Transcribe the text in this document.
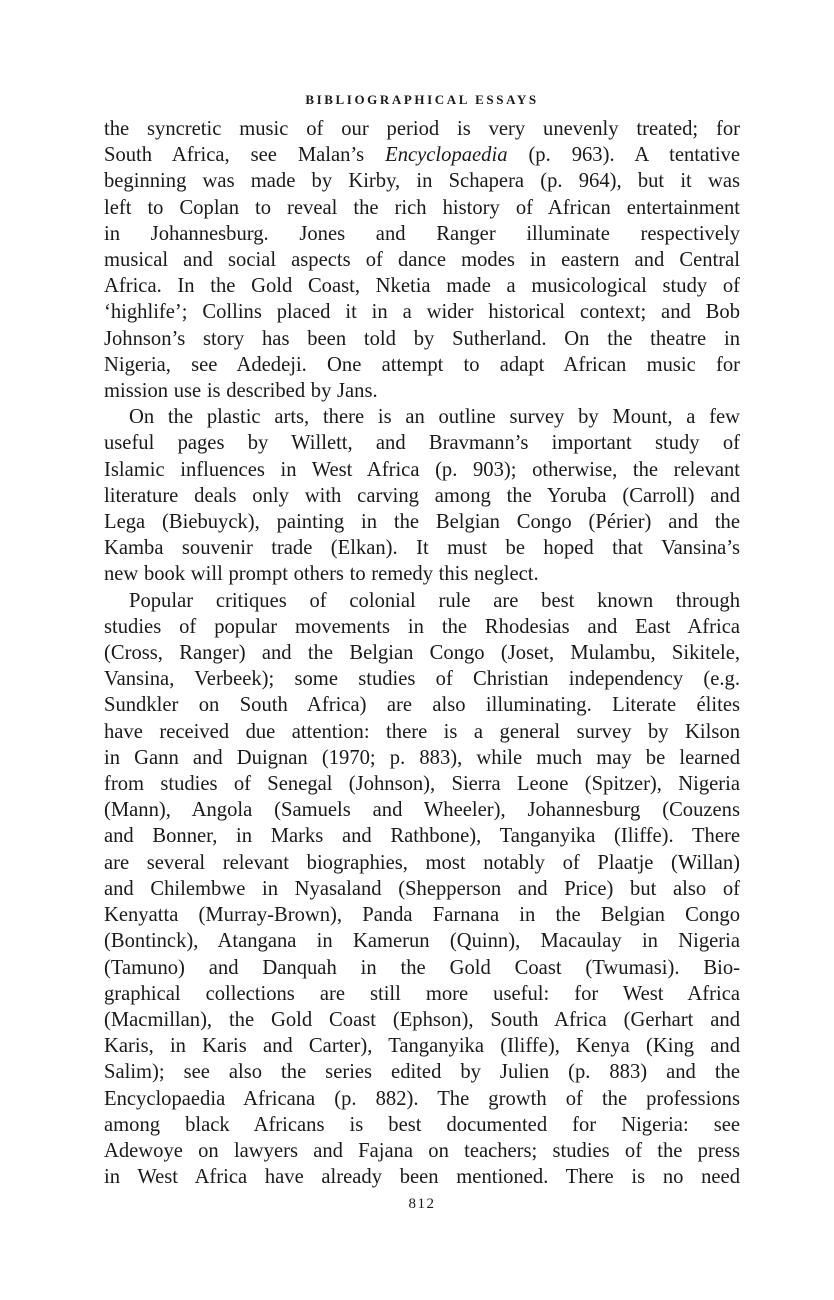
BIBLIOGRAPHICAL ESSAYS
the syncretic music of our period is very unevenly treated; for
South Africa, see Malan’s Encyclopaedia (p. 963). A tentative
beginning was made by Kirby, in Schapera (p. 964), but it was
left to Coplan to reveal the rich history of African entertainment
in Johannesburg. Jones and Ranger illuminate respectively
musical and social aspects of dance modes in eastern and Central
Africa. In the Gold Coast, Nketia made a musicological study of
‘highlife’; Collins placed it in a wider historical context; and Bob
Johnson’s story has been told by Sutherland. On the theatre in
Nigeria, see Adedeji. One attempt to adapt African music for
mission use is described by Jans.
On the plastic arts, there is an outline survey by Mount, a few
useful pages by Willett, and Bravmann’s important study of
Islamic influences in West Africa (p. 903); otherwise, the relevant
literature deals only with carving among the Yoruba (Carroll) and
Lega (Biebuyck), painting in the Belgian Congo (Périer) and the
Kamba souvenir trade (Elkan). It must be hoped that Vansina’s
new book will prompt others to remedy this neglect.
Popular critiques of colonial rule are best known through
studies of popular movements in the Rhodesias and East Africa
(Cross, Ranger) and the Belgian Congo (Joset, Mulambu, Sikitele,
Vansina, Verbeek); some studies of Christian independency (e.g.
Sundkler on South Africa) are also illuminating. Literate élites
have received due attention: there is a general survey by Kilson
in Gann and Duignan (1970; p. 883), while much may be learned
from studies of Senegal (Johnson), Sierra Leone (Spitzer), Nigeria
(Mann), Angola (Samuels and Wheeler), Johannesburg (Couzens
and Bonner, in Marks and Rathbone), Tanganyika (Iliffe). There
are several relevant biographies, most notably of Plaatje (Willan)
and Chilembwe in Nyasaland (Shepperson and Price) but also of
Kenyatta (Murray-Brown), Panda Farnana in the Belgian Congo
(Bontinck), Atangana in Kamerun (Quinn), Macaulay in Nigeria
(Tamuno) and Danquah in the Gold Coast (Twumasi). Bio-
graphical collections are still more useful: for West Africa
(Macmillan), the Gold Coast (Ephson), South Africa (Gerhart and
Karis, in Karis and Carter), Tanganyika (Iliffe), Kenya (King and
Salim); see also the series edited by Julien (p. 883) and the
Encyclopaedia Africana (p. 882). The growth of the professions
among black Africans is best documented for Nigeria: see
Adewoye on lawyers and Fajana on teachers; studies of the press
in West Africa have already been mentioned. There is no need
812
